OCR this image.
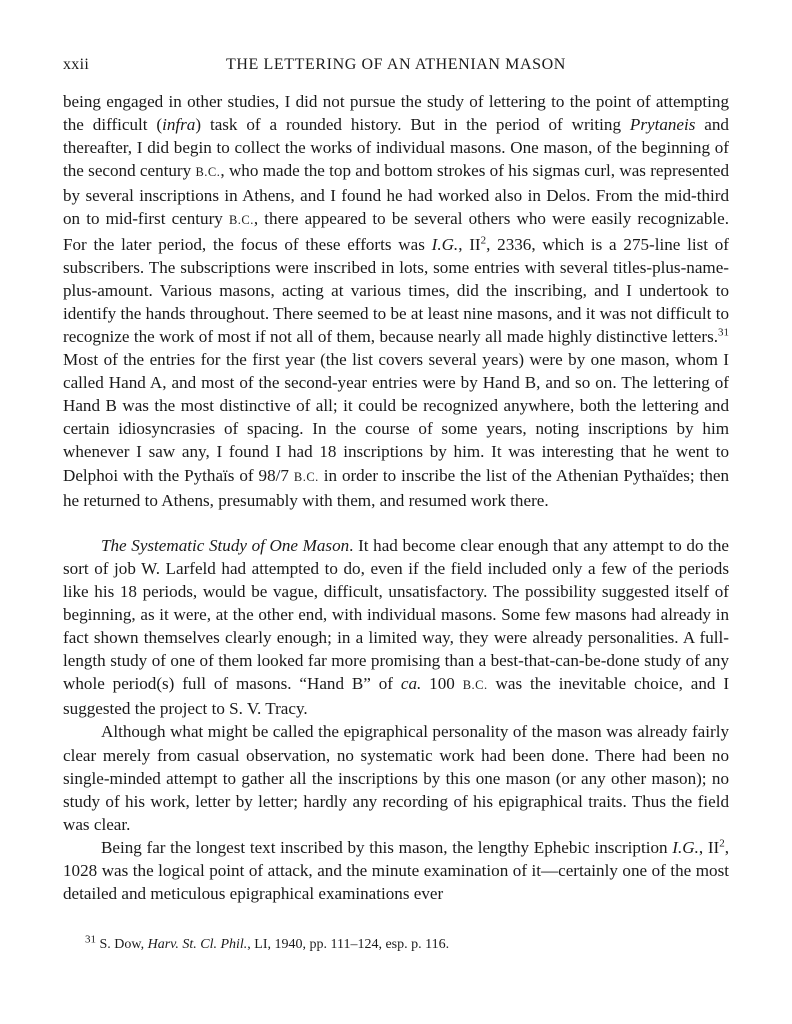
xxii	THE LETTERING OF AN ATHENIAN MASON

being engaged in other studies, I did not pursue the study of lettering to the point of attempting the difficult (infra) task of a rounded history. But in the period of writing Prytaneis and thereafter, I did begin to collect the works of individual masons. One mason, of the beginning of the second century B.C., who made the top and bottom strokes of his sigmas curl, was represented by several inscriptions in Athens, and I found he had worked also in Delos. From the mid-third on to mid-first century B.C., there appeared to be several others who were easily recognizable. For the later period, the focus of these efforts was I.G., $II^2$, 2336, which is a 275-line list of subscribers. The subscriptions were inscribed in lots, some entries with several titles-plus-name-plus-amount. Various masons, acting at various times, did the inscribing, and I undertook to identify the hands throughout. There seemed to be at least nine masons, and it was not difficult to recognize the work of most if not all of them, because nearly all made highly distinctive letters.$^{31}$ Most of the entries for the first year (the list covers several years) were by one mason, whom I called Hand A, and most of the second-year entries were by Hand B, and so on. The lettering of Hand B was the most distinctive of all; it could be recognized anywhere, both the lettering and certain idiosyncrasies of spacing. In the course of some years, noting inscriptions by him whenever I saw any, I found I had 18 inscriptions by him. It was interesting that he went to Delphoi with the Pythaïs of 98/7 B.C. in order to inscribe the list of the Athenian Pythaïdes; then he returned to Athens, presumably with them, and resumed work there.

The Systematic Study of One Mason. It had become clear enough that any attempt to do the sort of job W. Larfeld had attempted to do, even if the field included only a few of the periods like his 18 periods, would be vague, difficult, unsatisfactory. The possibility suggested itself of beginning, as it were, at the other end, with individual masons. Some few masons had already in fact shown themselves clearly enough; in a limited way, they were already personalities. A full-length study of one of them looked far more promising than a best-that-can-be-done study of any whole period(s) full of masons. “Hand B” of ca. 100 B.C. was the inevitable choice, and I suggested the project to S. V. Tracy.

Although what might be called the epigraphical personality of the mason was already fairly clear merely from casual observation, no systematic work had been done. There had been no single-minded attempt to gather all the inscriptions by this one mason (or any other mason); no study of his work, letter by letter; hardly any recording of his epigraphical traits. Thus the field was clear.

Being far the longest text inscribed by this mason, the lengthy Ephebic inscription I.G., $II^2$, 1028 was the logical point of attack, and the minute examination of it—certainly one of the most detailed and meticulous epigraphical examinations ever

$^{31}$ S. Dow, Harv. St. Cl. Phil., LI, 1940, pp. 111–124, esp. p. 116.
